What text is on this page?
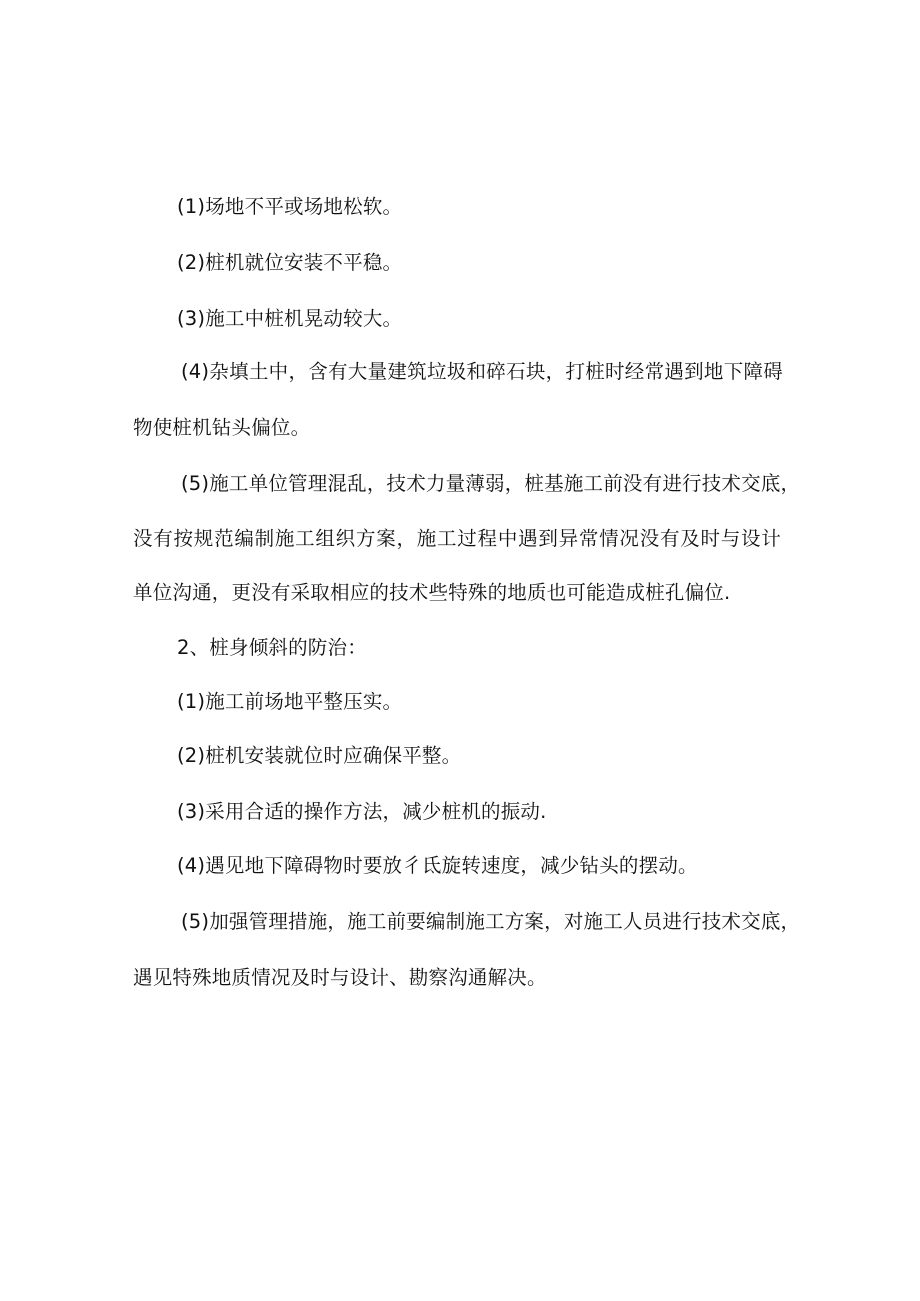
(1)场地不平或场地松软。
(2)桩机就位安装不平稳。
(3)施工中桩机晃动较大。
(4)杂填土中，含有大量建筑垃圾和碎石块，打桩时经常遇到地下障碍
物使桩机钻头偏位。
(5)施工单位管理混乱，技术力量薄弱，桩基施工前没有进行技术交底，
没有按规范编制施工组织方案，施工过程中遇到异常情况没有及时与设计
单位沟通，更没有采取相应的技术些特殊的地质也可能造成桩孔偏位.
2、桩身倾斜的防治：
(1)施工前场地平整压实。
(2)桩机安装就位时应确保平整。
(3)采用合适的操作方法，减少桩机的振动.
(4)遇见地下障碍物时要放彳氐旋转速度，减少钻头的摆动。
(5)加强管理措施，施工前要编制施工方案，对施工人员进行技术交底，
遇见特殊地质情况及时与设计、勘察沟通解决。
